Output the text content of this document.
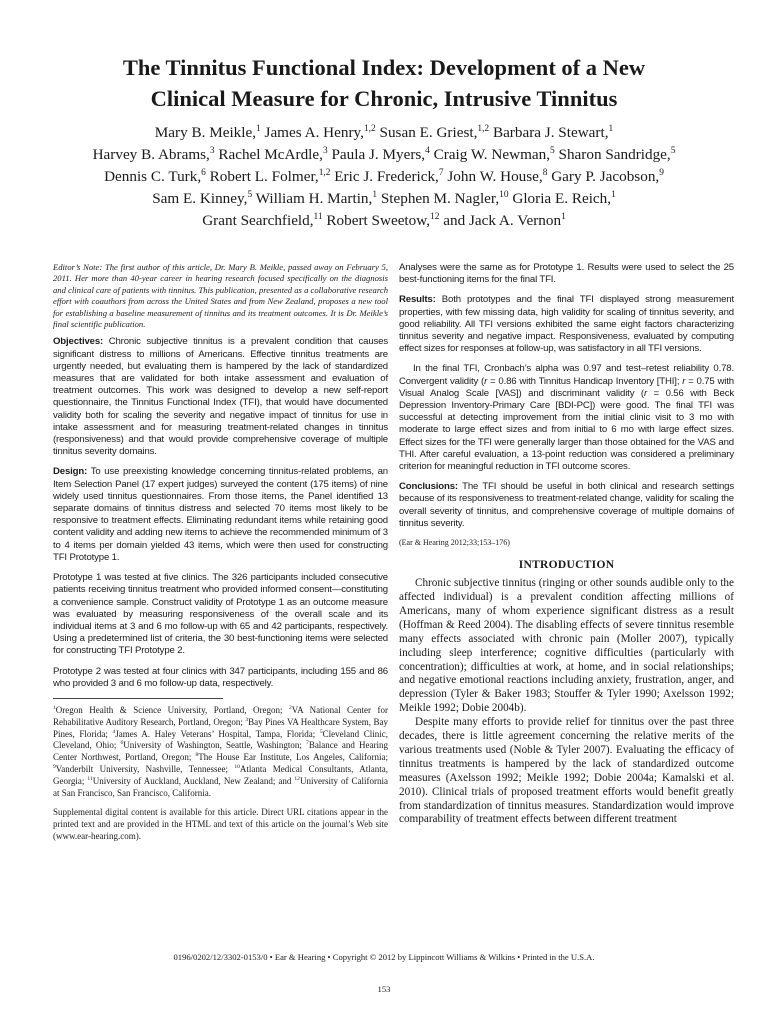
The Tinnitus Functional Index: Development of a New
Clinical Measure for Chronic, Intrusive Tinnitus
Mary B. Meikle,$^1$ James A. Henry,$^{1,2}$ Susan E. Griest,$^{1,2}$ Barbara J. Stewart,$^1$
Harvey B. Abrams,$^3$ Rachel McArdle,$^3$ Paula J. Myers,$^4$ Craig W. Newman,$^5$ Sharon Sandridge,$^5$
Dennis C. Turk,$^6$ Robert L. Folmer,$^{1,2}$ Eric J. Frederick,$^7$ John W. House,$^8$ Gary P. Jacobson,$^9$
Sam E. Kinney,$^5$ William H. Martin,$^1$ Stephen M. Nagler,$^{10}$ Gloria E. Reich,$^1$
Grant Searchfield,$^{11}$ Robert Sweetow,$^{12}$ and Jack A. Vernon$^1$

Editor’s Note: The first author of this article, Dr. Mary B. Meikle, passed away on February 5, 2011. Her more than 40-year career in hearing research focused specifically on the diagnosis and clinical care of patients with tinnitus. This publication, presented as a collaborative research effort with coauthors from across the United States and from New Zealand, proposes a new tool for establishing a baseline measurement of tinnitus and its treatment outcomes. It is Dr. Meikle’s final scientific publication.

Objectives: Chronic subjective tinnitus is a prevalent condition that causes significant distress to millions of Americans. Effective tinnitus treatments are urgently needed, but evaluating them is hampered by the lack of standardized measures that are validated for both intake assessment and evaluation of treatment outcomes. This work was designed to develop a new self-report questionnaire, the Tinnitus Functional Index (TFI), that would have documented validity both for scaling the severity and negative impact of tinnitus for use in intake assessment and for measuring treatment-related changes in tinnitus (responsiveness) and that would provide comprehensive coverage of multiple tinnitus severity domains.

Design: To use preexisting knowledge concerning tinnitus-related problems, an Item Selection Panel (17 expert judges) surveyed the content (175 items) of nine widely used tinnitus questionnaires. From those items, the Panel identified 13 separate domains of tinnitus distress and selected 70 items most likely to be responsive to treatment effects. Eliminating redundant items while retaining good content validity and adding new items to achieve the recommended minimum of 3 to 4 items per domain yielded 43 items, which were then used for constructing TFI Prototype 1.

Prototype 1 was tested at five clinics. The 326 participants included consecutive patients receiving tinnitus treatment who provided informed consent—constituting a convenience sample. Construct validity of Prototype 1 as an outcome measure was evaluated by measuring responsiveness of the overall scale and its individual items at 3 and 6 mo follow-up with 65 and 42 participants, respectively. Using a predetermined list of criteria, the 30 best-functioning items were selected for constructing TFI Prototype 2.

Prototype 2 was tested at four clinics with 347 participants, including 155 and 86 who provided 3 and 6 mo follow-up data, respectively.

$^1$Oregon Health & Science University, Portland, Oregon; $^2$VA National Center for Rehabilitative Auditory Research, Portland, Oregon; $^3$Bay Pines VA Healthcare System, Bay Pines, Florida; $^4$James A. Haley Veterans’ Hospital, Tampa, Florida; $^5$Cleveland Clinic, Cleveland, Ohio; $^6$University of Washington, Seattle, Washington; $^7$Balance and Hearing Center Northwest, Portland, Oregon; $^8$The House Ear Institute, Los Angeles, California; $^9$Vanderbilt University, Nashville, Tennessee; $^{10}$Atlanta Medical Consultants, Atlanta, Georgia; $^{11}$University of Auckland, Auckland, New Zealand; and $^{12}$University of California at San Francisco, San Francisco, California.

Supplemental digital content is available for this article. Direct URL citations appear in the printed text and are provided in the HTML and text of this article on the journal’s Web site (www.ear-hearing.com).

Analyses were the same as for Prototype 1. Results were used to select the 25 best-functioning items for the final TFI.

Results: Both prototypes and the final TFI displayed strong measurement properties, with few missing data, high validity for scaling of tinnitus severity, and good reliability. All TFI versions exhibited the same eight factors characterizing tinnitus severity and negative impact. Responsiveness, evaluated by computing effect sizes for responses at follow-up, was satisfactory in all TFI versions.

In the final TFI, Cronbach’s alpha was 0.97 and test–retest reliability 0.78. Convergent validity (r = 0.86 with Tinnitus Handicap Inventory [THI]; r = 0.75 with Visual Analog Scale [VAS]) and discriminant validity (r = 0.56 with Beck Depression Inventory-Primary Care [BDI-PC]) were good. The final TFI was successful at detecting improvement from the initial clinic visit to 3 mo with moderate to large effect sizes and from initial to 6 mo with large effect sizes. Effect sizes for the TFI were generally larger than those obtained for the VAS and THI. After careful evaluation, a 13-point reduction was considered a preliminary criterion for meaningful reduction in TFI outcome scores.

Conclusions: The TFI should be useful in both clinical and research settings because of its responsiveness to treatment-related change, validity for scaling the overall severity of tinnitus, and comprehensive coverage of multiple domains of tinnitus severity.

(Ear & Hearing 2012;33;153–176)

INTRODUCTION

Chronic subjective tinnitus (ringing or other sounds audible only to the affected individual) is a prevalent condition affecting millions of Americans, many of whom experience significant distress as a result (Hoffman & Reed 2004). The disabling effects of severe tinnitus resemble many effects associated with chronic pain (Moller 2007), typically including sleep interference; cognitive difficulties (particularly with concentration); difficulties at work, at home, and in social relationships; and negative emotional reactions including anxiety, frustration, anger, and depression (Tyler & Baker 1983; Stouffer & Tyler 1990; Axelsson 1992; Meikle 1992; Dobie 2004b).

Despite many efforts to provide relief for tinnitus over the past three decades, there is little agreement concerning the relative merits of the various treatments used (Noble & Tyler 2007). Evaluating the efficacy of tinnitus treatments is hampered by the lack of standardized outcome measures (Axelsson 1992; Meikle 1992; Dobie 2004a; Kamalski et al. 2010). Clinical trials of proposed treatment efforts would benefit greatly from standardization of tinnitus measures. Standardization would improve comparability of treatment effects between different treatment

0196/0202/12/3302-0153/0 • Ear & Hearing • Copyright © 2012 by Lippincott Williams & Wilkins • Printed in the U.S.A.
153
